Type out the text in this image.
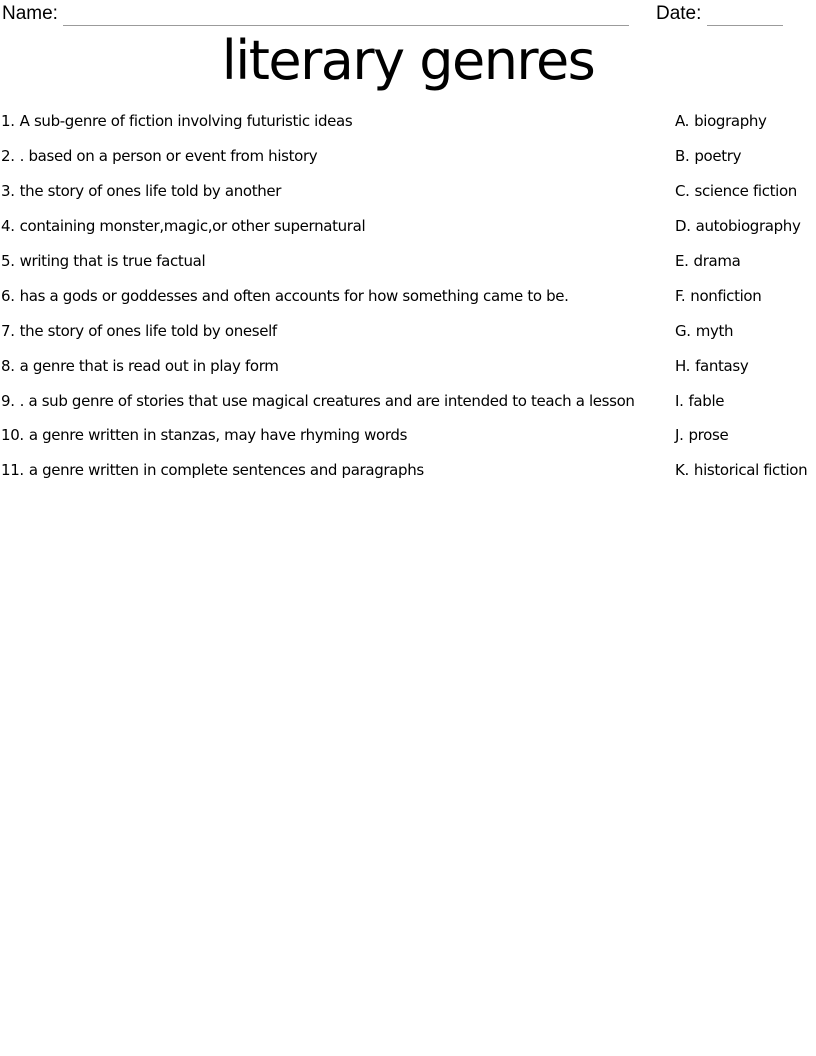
Name:	Date:
literary genres
1. A sub-genre of fiction involving futuristic ideas	A. biography
2. . based on a person or event from history	B. poetry
3. the story of ones life told by another	C. science fiction
4. containing monster,magic,or other supernatural	D. autobiography
5. writing that is true factual	E. drama
6. has a gods or goddesses and often accounts for how something came to be.	F. nonfiction
7. the story of ones life told by oneself	G. myth
8. a genre that is read out in play form	H. fantasy
9. . a sub genre of stories that use magical creatures and are intended to teach a lesson	I. fable
10. a genre written in stanzas, may have rhyming words	J. prose
11. a genre written in complete sentences and paragraphs	K. historical fiction
